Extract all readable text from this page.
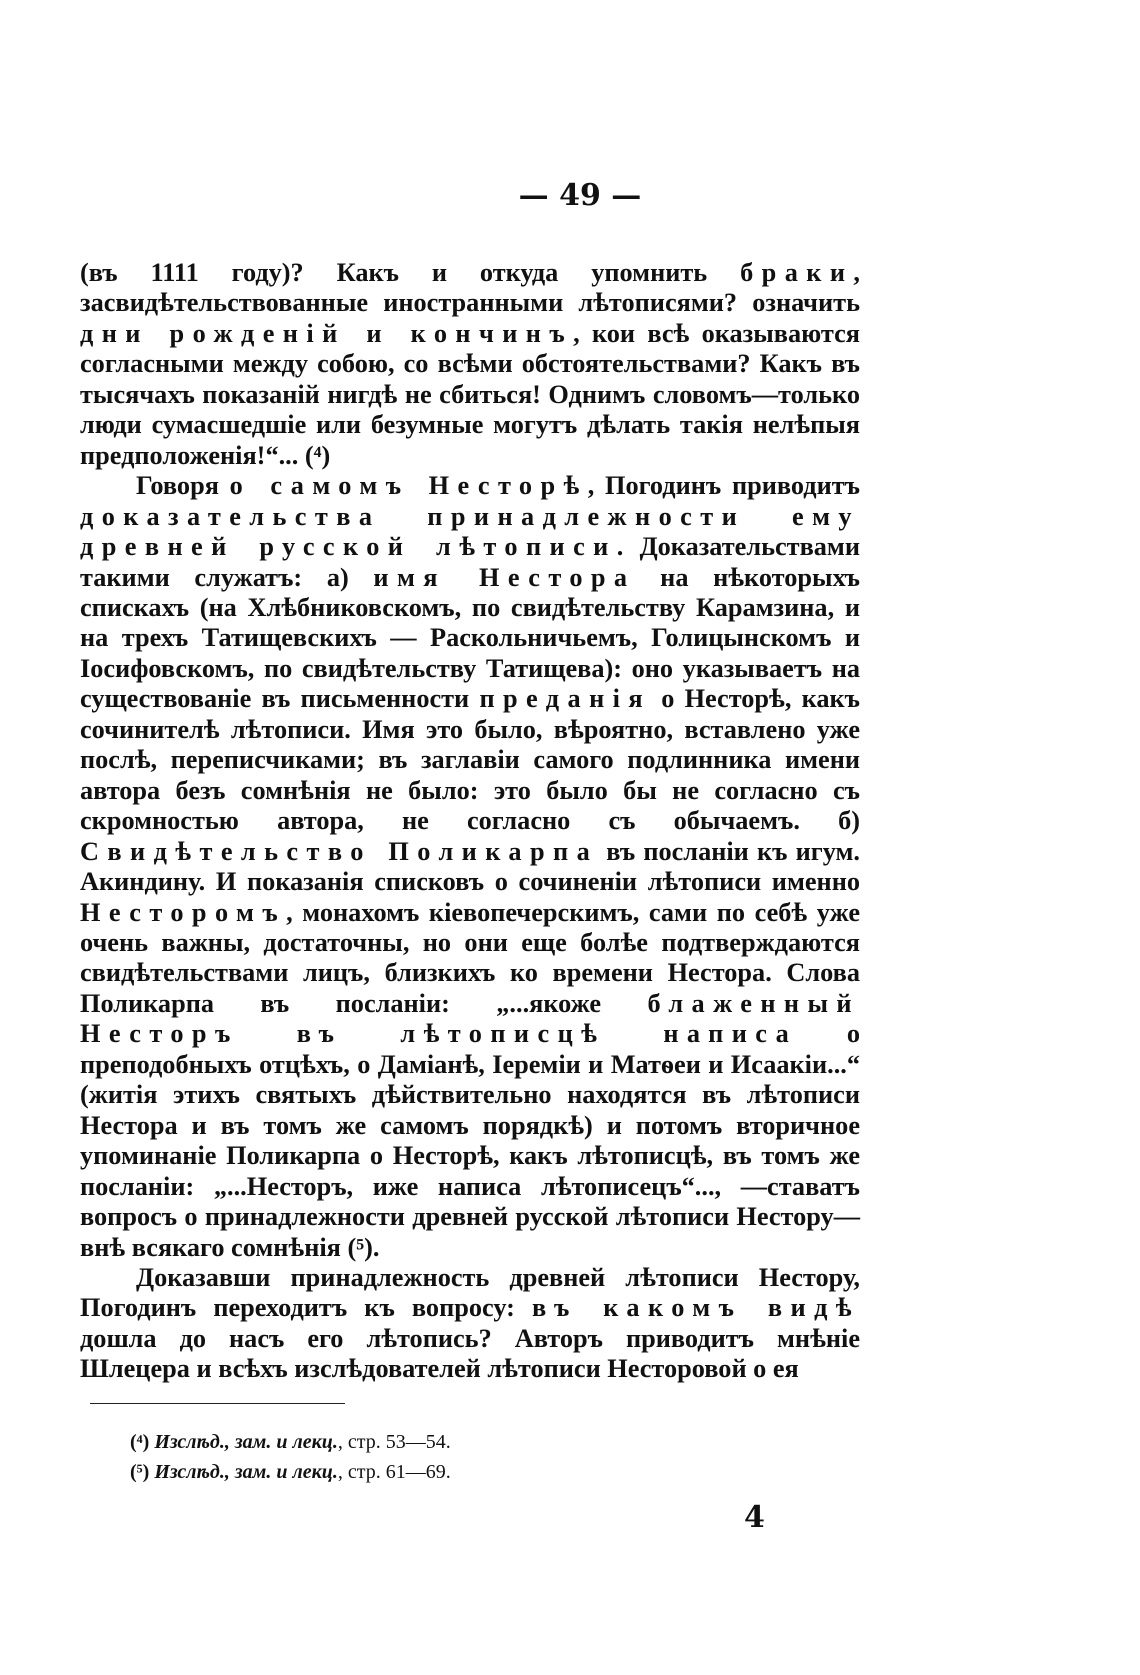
— 49 —

(въ 1111 году)? Какъ и откуда упомнить браки, засвидѣтельствованные иностранными лѣтописями? означить дни рожденій и кончинъ, кои всѣ оказываются согласными между собою, со всѣми обстоятельствами? Какъ въ тысячахъ показаній нигдѣ не сбиться! Однимъ словомъ—только люди сумасшедшіе или безумные могутъ дѣлать такія нелѣпыя предположенія!“... (⁴)

Говоря о самомъ Несторѣ, Погодинъ приводитъ доказательства принадлежности ему древней русской лѣтописи. Доказательствами такими служатъ: а) имя Нестора на нѣкоторыхъ спискахъ (на Хлѣбниковскомъ, по свидѣтельству Карамзина, и на трехъ Татищевскихъ — Раскольничьемъ, Голицынскомъ и Іосифовскомъ, по свидѣтельству Татищева): оно указываетъ на существованіе въ письменности преданія о Несторѣ, какъ сочинителѣ лѣтописи. Имя это было, вѣроятно, вставлено уже послѣ, переписчиками; въ заглавіи самого подлинника имени автора безъ сомнѣнія не было: это было бы не согласно съ скромностью автора, не согласно съ обычаемъ. б) Свидѣтельство Поликарпа въ посланіи къ игум. Акиндину. И показанія списковъ о сочиненіи лѣтописи именно Несторомъ, монахомъ кіевопечерскимъ, сами по себѣ уже очень важны, достаточны, но они еще болѣе подтверждаются свидѣтельствами лицъ, близкихъ ко времени Нестора. Слова Поликарпа въ посланіи: „...якоже блаженный Несторъ въ лѣтописцѣ написа о преподобныхъ отцѣхъ, о Даміанѣ, Іереміи и Матѳеи и Исаакіи...“ (житія этихъ святыхъ дѣйствительно находятся въ лѣтописи Нестора и въ томъ же самомъ порядкѣ) и потомъ вторичное упоминаніе Поликарпа о Несторѣ, какъ лѣтописцѣ, въ томъ же посланіи: „...Несторъ, иже написа лѣтописецъ“..., —ставатъ вопросъ о принадлежности древней русской лѣтописи Нестору—внѣ всякаго сомнѣнія (⁵).

Доказавши принадлежность древней лѣтописи Нестору, Погодинъ переходитъ къ вопросу: въ какомъ видѣ дошла до насъ его лѣтопись? Авторъ приводитъ мнѣніе Шлецера и всѣхъ изслѣдователей лѣтописи Несторовой о ея

(⁴) Изслѣд., зам. и лекц., стр. 53—54.
(⁵) Изслѣд., зам. и лекц., стр. 61—69.
4
